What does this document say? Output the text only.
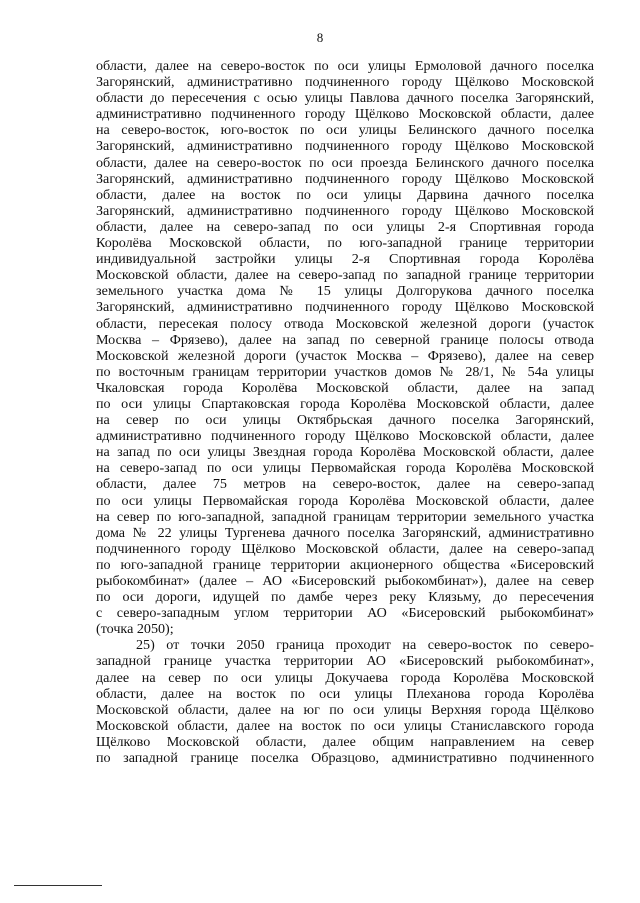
8
области, далее на северо-восток по оси улицы Ермоловой дачного поселка
Загорянский, административно подчиненного городу Щёлково Московской
области до пересечения с осью улицы Павлова дачного поселка Загорянский,
административно подчиненного городу Щёлково Московской области, далее
на северо-восток, юго-восток по оси улицы Белинского дачного поселка
Загорянский, административно подчиненного городу Щёлково Московской
области, далее на северо-восток по оси проезда Белинского дачного поселка
Загорянский, административно подчиненного городу Щёлково Московской
области, далее на восток по оси улицы Дарвина дачного поселка
Загорянский, административно подчиненного городу Щёлково Московской
области, далее на северо-запад по оси улицы 2-я Спортивная города
Королёва Московской области, по юго-западной границе территории
индивидуальной застройки улицы 2-я Спортивная города Королёва
Московской области, далее на северо-запад по западной границе территории
земельного участка дома № 15 улицы Долгорукова дачного поселка
Загорянский, административно подчиненного городу Щёлково Московской
области, пересекая полосу отвода Московской железной дороги (участок
Москва – Фрязево), далее на запад по северной границе полосы отвода
Московской железной дороги (участок Москва – Фрязево), далее на север
по восточным границам территории участков домов № 28/1, № 54а улицы
Чкаловская города Королёва Московской области, далее на запад
по оси улицы Спартаковская города Королёва Московской области, далее
на север по оси улицы Октябрьская дачного поселка Загорянский,
административно подчиненного городу Щёлково Московской области, далее
на запад по оси улицы Звездная города Королёва Московской области, далее
на северо-запад по оси улицы Первомайская города Королёва Московской
области, далее 75 метров на северо-восток, далее на северо-запад
по оси улицы Первомайская города Королёва Московской области, далее
на север по юго-западной, западной границам территории земельного участка
дома № 22 улицы Тургенева дачного поселка Загорянский, административно
подчиненного городу Щёлково Московской области, далее на северо-запад
по юго-западной границе территории акционерного общества «Бисеровский
рыбокомбинат» (далее – АО «Бисеровский рыбокомбинат»), далее на север
по оси дороги, идущей по дамбе через реку Клязьму, до пересечения
с северо-западным углом территории АО «Бисеровский рыбокомбинат»
(точка 2050);
25) от точки 2050 граница проходит на северо-восток по северо-
западной границе участка территории АО «Бисеровский рыбокомбинат»,
далее на север по оси улицы Докучаева города Королёва Московской
области, далее на восток по оси улицы Плеханова города Королёва
Московской области, далее на юг по оси улицы Верхняя города Щёлково
Московской области, далее на восток по оси улицы Станиславского города
Щёлково Московской области, далее общим направлением на север
по западной границе поселка Образцово, административно подчиненного
